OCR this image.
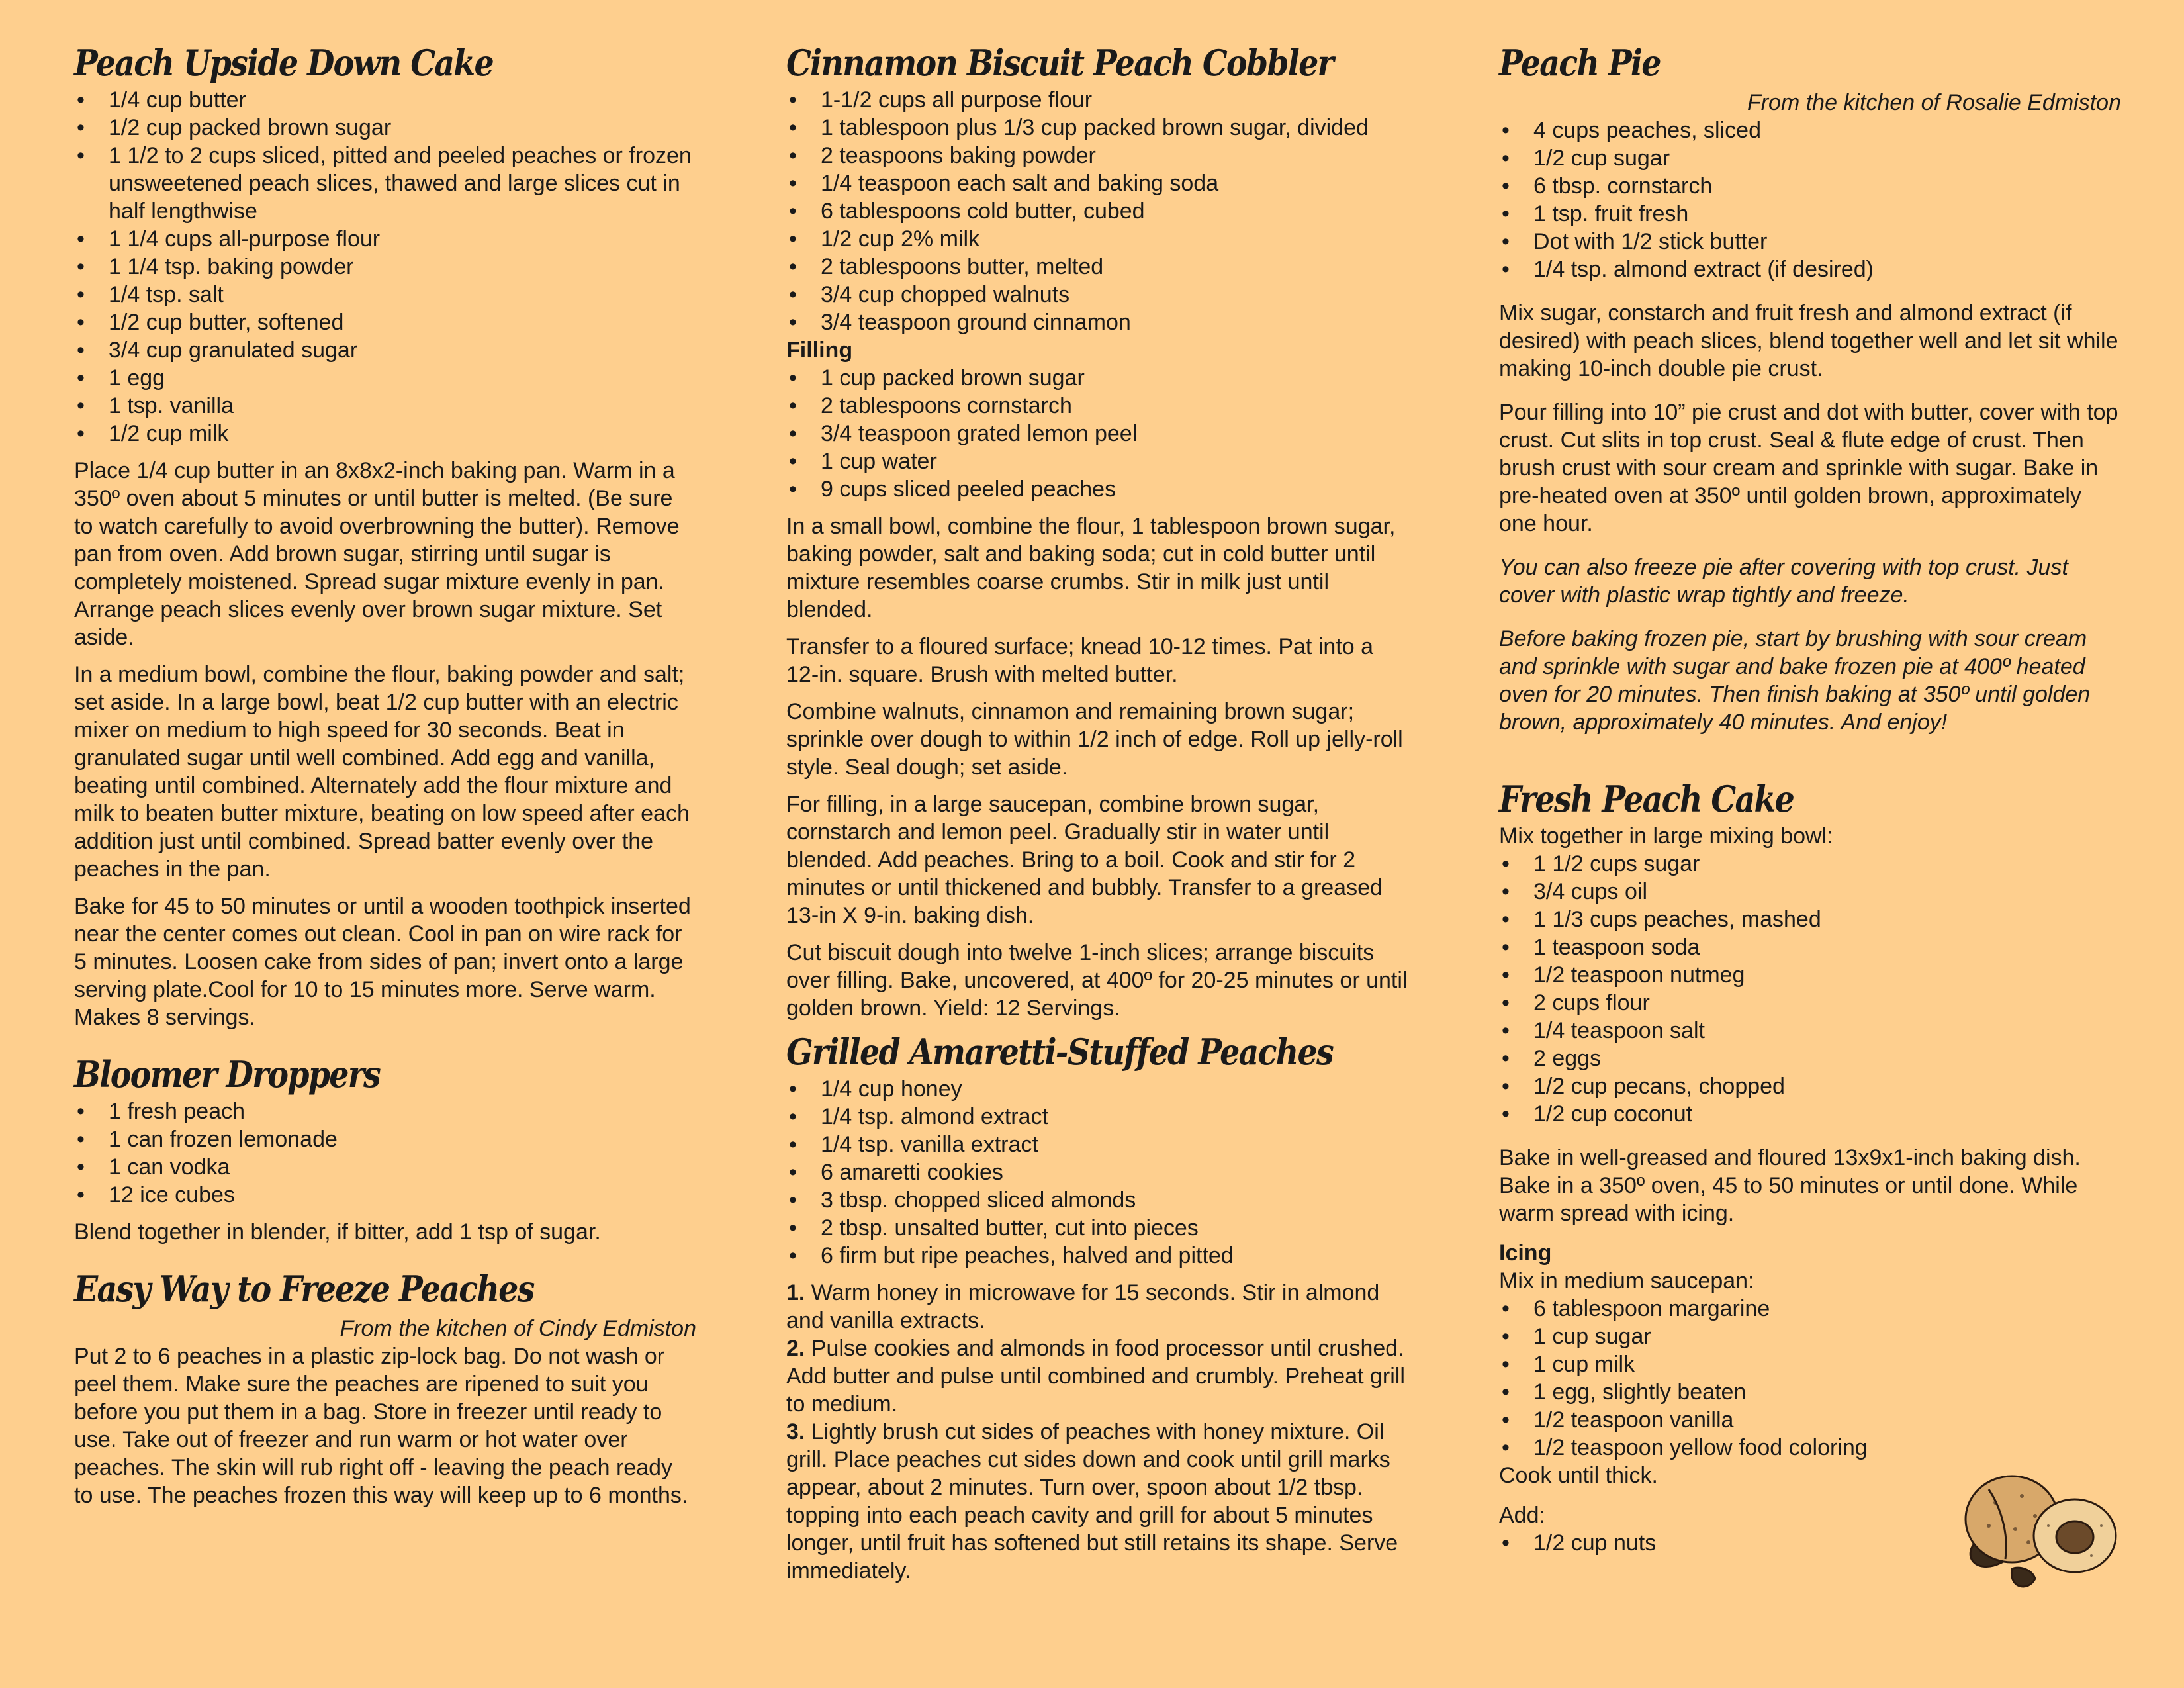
Peach Upside Down Cake
• 1/4 cup butter
• 1/2 cup packed brown sugar
• 1 1/2 to 2 cups sliced, pitted and peeled peaches or frozen unsweetened peach slices, thawed and large slices cut in half lengthwise
• 1 1/4 cups all-purpose flour
• 1 1/4 tsp. baking powder
• 1/4 tsp. salt
• 1/2 cup butter, softened
• 3/4 cup granulated sugar
• 1 egg
• 1 tsp. vanilla
• 1/2 cup milk

Place 1/4 cup butter in an 8x8x2-inch baking pan. Warm in a 350º oven about 5 minutes or until butter is melted. (Be sure to watch carefully to avoid overbrowning the butter). Remove pan from oven. Add brown sugar, stirring until sugar is completely moistened. Spread sugar mixture evenly in pan. Arrange peach slices evenly over brown sugar mixture. Set aside.

In a medium bowl, combine the flour, baking powder and salt; set aside. In a large bowl, beat 1/2 cup butter with an electric mixer on medium to high speed for 30 seconds. Beat in granulated sugar until well combined. Add egg and vanilla, beating until combined. Alternately add the flour mixture and milk to beaten butter mixture, beating on low speed after each addition just until combined. Spread batter evenly over the peaches in the pan.

Bake for 45 to 50 minutes or until a wooden toothpick inserted near the center comes out clean. Cool in pan on wire rack for 5 minutes. Loosen cake from sides of pan; invert onto a large serving plate.Cool for 10 to 15 minutes more. Serve warm. Makes 8 servings.

Bloomer Droppers
• 1 fresh peach
• 1 can frozen lemonade
• 1 can vodka
• 12 ice cubes

Blend together in blender, if bitter, add 1 tsp of sugar.

Easy Way to Freeze Peaches
From the kitchen of Cindy Edmiston

Put 2 to 6 peaches in a plastic zip-lock bag. Do not wash or peel them. Make sure the peaches are ripened to suit you before you put them in a bag. Store in freezer until ready to use. Take out of freezer and run warm or hot water over peaches. The skin will rub right off - leaving the peach ready to use. The peaches frozen this way will keep up to 6 months.

Cinnamon Biscuit Peach Cobbler
• 1-1/2 cups all purpose flour
• 1 tablespoon plus 1/3 cup packed brown sugar, divided
• 2 teaspoons baking powder
• 1/4 teaspoon each salt and baking soda
• 6 tablespoons cold butter, cubed
• 1/2 cup 2% milk
• 2 tablespoons butter, melted
• 3/4 cup chopped walnuts
• 3/4 teaspoon ground cinnamon
Filling
• 1 cup packed brown sugar
• 2 tablespoons cornstarch
• 3/4 teaspoon grated lemon peel
• 1 cup water
• 9 cups sliced peeled peaches

In a small bowl, combine the flour, 1 tablespoon brown sugar, baking powder, salt and baking soda; cut in cold butter until mixture resembles coarse crumbs. Stir in milk just until blended.

Transfer to a floured surface; knead 10-12 times. Pat into a 12-in. square. Brush with melted butter.

Combine walnuts, cinnamon and remaining brown sugar; sprinkle over dough to within 1/2 inch of edge. Roll up jelly-roll style. Seal dough; set aside.

For filling, in a large saucepan, combine brown sugar, cornstarch and lemon peel. Gradually stir in water until blended. Add peaches. Bring to a boil. Cook and stir for 2 minutes or until thickened and bubbly. Transfer to a greased 13-in X 9-in. baking dish.

Cut biscuit dough into twelve 1-inch slices; arrange biscuits over filling. Bake, uncovered, at 400º for 20-25 minutes or until golden brown. Yield: 12 Servings.

Grilled Amaretti-Stuffed Peaches
• 1/4 cup honey
• 1/4 tsp. almond extract
• 1/4 tsp. vanilla extract
• 6 amaretti cookies
• 3 tbsp. chopped sliced almonds
• 2 tbsp. unsalted butter, cut into pieces
• 6 firm but ripe peaches, halved and pitted

1. Warm honey in microwave for 15 seconds. Stir in almond and vanilla extracts.

2. Pulse cookies and almonds in food processor until crushed. Add butter and pulse until combined and crumbly. Preheat grill to medium.

3. Lightly brush cut sides of peaches with honey mixture. Oil grill. Place peaches cut sides down and cook until grill marks appear, about 2 minutes. Turn over, spoon about 1/2 tbsp. topping into each peach cavity and grill for about 5 minutes longer, until fruit has softened but still retains its shape. Serve immediately.

Peach Pie
From the kitchen of Rosalie Edmiston
• 4 cups peaches, sliced
• 1/2 cup sugar
• 6 tbsp. cornstarch
• 1 tsp. fruit fresh
• Dot with 1/2 stick butter
• 1/4 tsp. almond extract (if desired)

Mix sugar, constarch and fruit fresh and almond extract (if desired) with peach slices, blend together well and let sit while making 10-inch double pie crust.

Pour filling into 10” pie crust and dot with butter, cover with top crust. Cut slits in top crust. Seal & flute edge of crust. Then brush crust with sour cream and sprinkle with sugar. Bake in pre-heated oven at 350º until golden brown, approximately one hour.

You can also freeze pie after covering with top crust. Just cover with plastic wrap tightly and freeze.

Before baking frozen pie, start by brushing with sour cream and sprinkle with sugar and bake frozen pie at 400º heated oven for 20 minutes. Then finish baking at 350º until golden brown, approximately 40 minutes. And enjoy!

Fresh Peach Cake
Mix together in large mixing bowl:
• 1 1/2 cups sugar
• 3/4 cups oil
• 1 1/3 cups peaches, mashed
• 1 teaspoon soda
• 1/2 teaspoon nutmeg
• 2 cups flour
• 1/4 teaspoon salt
• 2 eggs
• 1/2 cup pecans, chopped
• 1/2 cup coconut

Bake in well-greased and floured 13x9x1-inch baking dish. Bake in a 350º oven, 45 to 50 minutes or until done. While warm spread with icing.

Icing
Mix in medium saucepan:
• 6 tablespoon margarine
• 1 cup sugar
• 1 cup milk
• 1 egg, slightly beaten
• 1/2 teaspoon vanilla
• 1/2 teaspoon yellow food coloring
Cook until thick.
Add:
• 1/2 cup nuts
